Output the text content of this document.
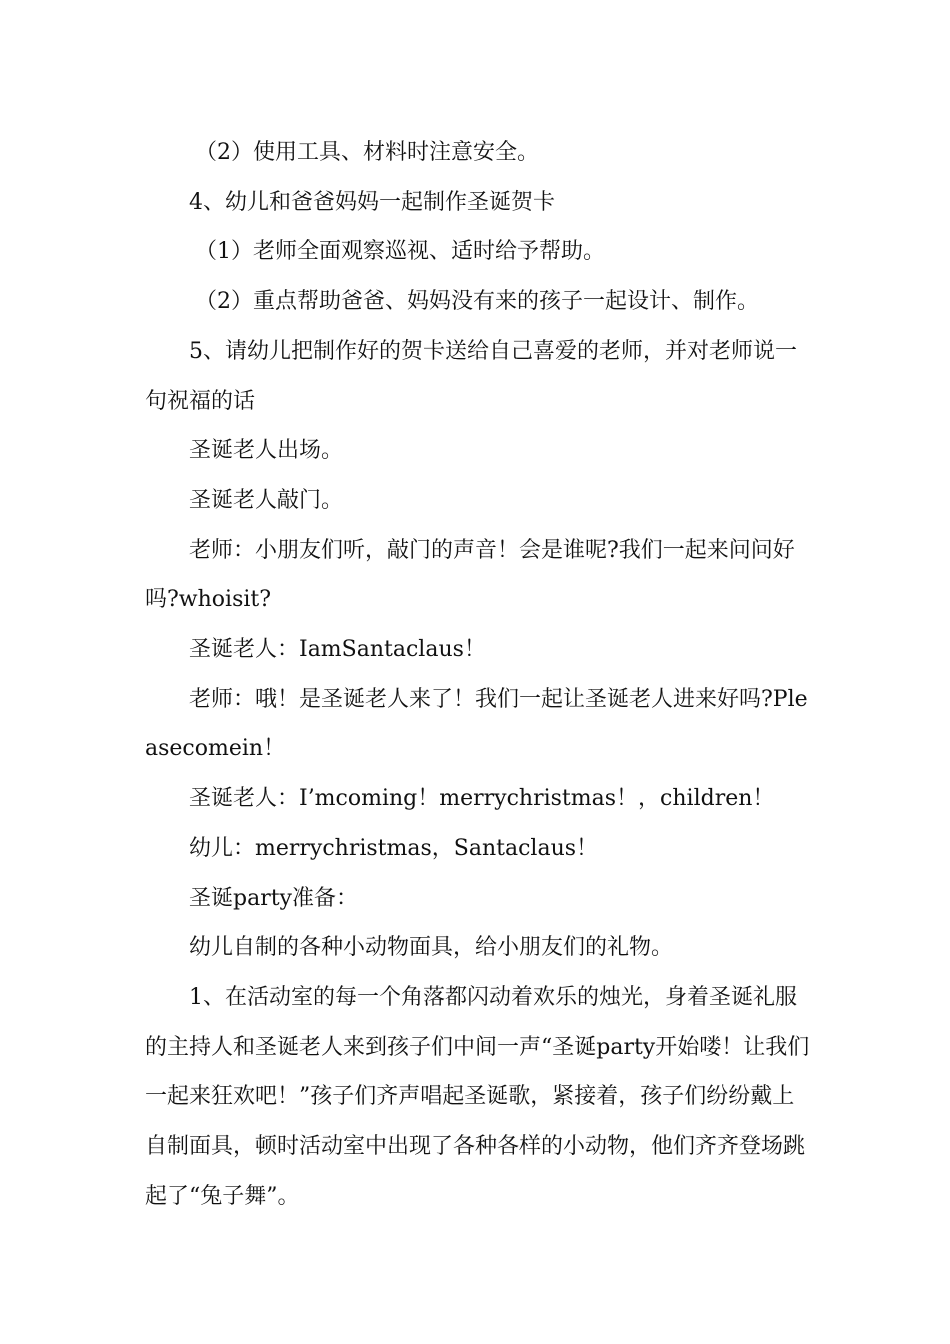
（2）使用工具、材料时注意安全。

4、幼儿和爸爸妈妈一起制作圣诞贺卡

（1）老师全面观察巡视、适时给予帮助。

（2）重点帮助爸爸、妈妈没有来的孩子一起设计、制作。

5、请幼儿把制作好的贺卡送给自己喜爱的老师，并对老师说一句祝福的话

圣诞老人出场。

圣诞老人敲门。

老师：小朋友们听，敲门的声音！会是谁呢?我们一起来问问好吗?whoisit?

圣诞老人：IamSantaclaus！

老师：哦！是圣诞老人来了！我们一起让圣诞老人进来好吗?Pleasecomein！

圣诞老人：I’mcoming！merrychristmas！，children！

幼儿：merrychristmas，Santaclaus！

圣诞party准备：

幼儿自制的各种小动物面具，给小朋友们的礼物。

1、在活动室的每一个角落都闪动着欢乐的烛光，身着圣诞礼服的主持人和圣诞老人来到孩子们中间一声“圣诞party开始喽！让我们一起来狂欢吧！”孩子们齐声唱起圣诞歌，紧接着，孩子们纷纷戴上自制面具，顿时活动室中出现了各种各样的小动物，他们齐齐登场跳起了“兔子舞”。
